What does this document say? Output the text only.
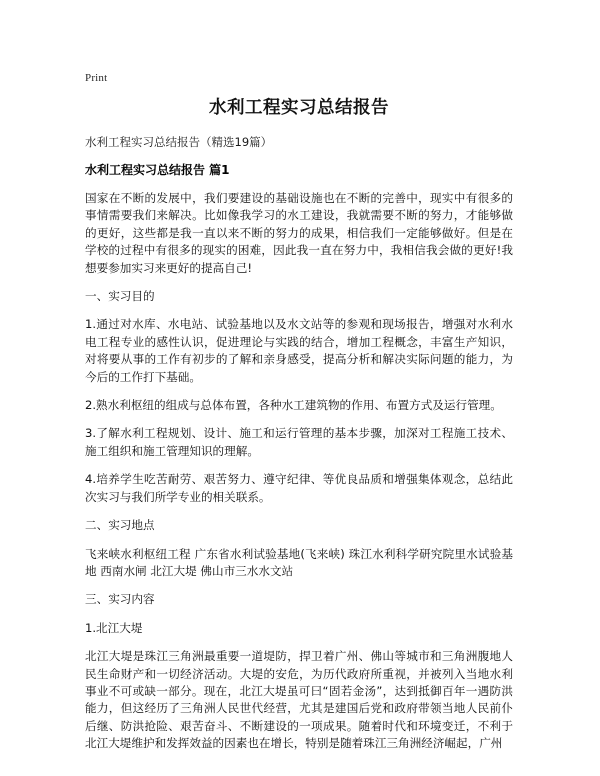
Print
水利工程实习总结报告
水利工程实习总结报告（精选19篇）
水利工程实习总结报告 篇1

国家在不断的发展中，我们要建设的基础设施也在不断的完善中，现实中有很多的事情需要我们来解决。比如像我学习的水工建设，我就需要不断的努力，才能够做的更好，这些都是我一直以来不断的努力的成果，相信我们一定能够做好。但是在学校的过程中有很多的现实的困难，因此我一直在努力中，我相信我会做的更好!我想要参加实习来更好的提高自己!

一、实习目的

1.通过对水库、水电站、试验基地以及水文站等的参观和现场报告，增强对水利水电工程专业的感性认识，促进理论与实践的结合，增加工程概念，丰富生产知识，对将要从事的工作有初步的了解和亲身感受，提高分析和解决实际问题的能力，为今后的工作打下基础。

2.熟水利枢纽的组成与总体布置，各种水工建筑物的作用、布置方式及运行管理。

3.了解水利工程规划、设计、施工和运行管理的基本步骤，加深对工程施工技术、施工组织和施工管理知识的理解。

4.培养学生吃苦耐劳、艰苦努力、遵守纪律、等优良品质和增强集体观念，总结此次实习与我们所学专业的相关联系。

二、实习地点

飞来峡水利枢纽工程 广东省水利试验基地(飞来峡) 珠江水利科学研究院里水试验基地 西南水闸 北江大堤 佛山市三水水文站

三、实习内容

1.北江大堤

北江大堤是珠江三角洲最重要一道堤防，捍卫着广州、佛山等城市和三角洲腹地人民生命财产和一切经济活动。大堤的安危，为历代政府所重视，并被列入当地水利事业不可或缺一部分。现在，北江大堤虽可曰“固若金汤”，达到抵御百年一遇防洪能力，但这经历了三角洲人民世代经营，尤其是建国后党和政府带领当地人民前仆后继、防洪抢险、艰苦奋斗、不断建设的一项成果。随着时代和环境变迁，不利于北江大堤维护和发挥效益的因素也在增长，特别是随着珠江三角洲经济崛起，广州
